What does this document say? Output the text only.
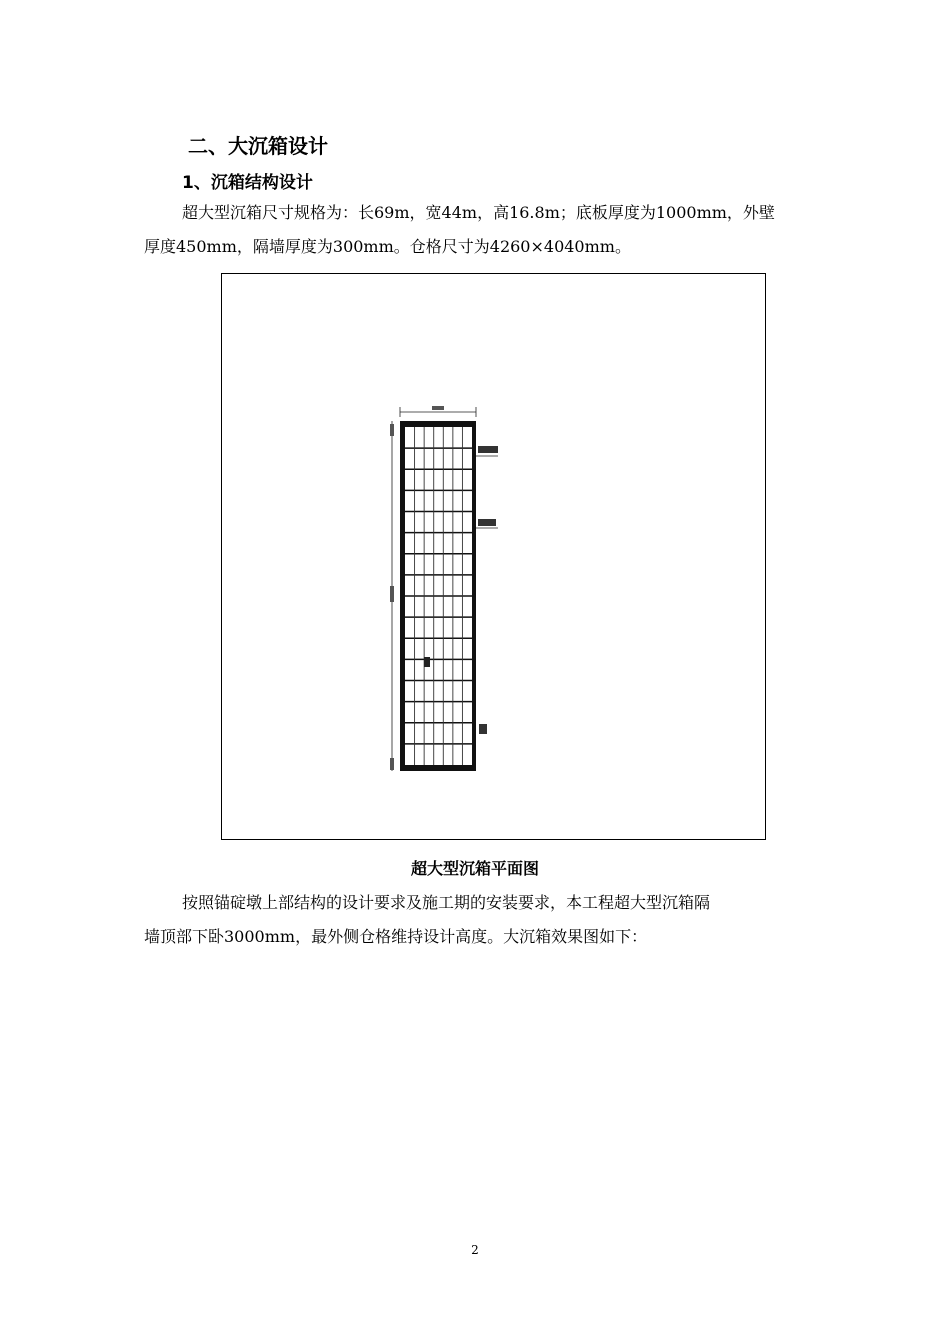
二、大沉箱设计
1、沉箱结构设计
超大型沉箱尺寸规格为：长69m，宽44m，高16.8m；底板厚度为1000mm，外壁
厚度450mm，隔墙厚度为300mm。仓格尺寸为4260×4040mm。
超大型沉箱平面图
按照锚碇墩上部结构的设计要求及施工期的安装要求，本工程超大型沉箱隔
墙顶部下卧3000mm，最外侧仓格维持设计高度。大沉箱效果图如下：
2
